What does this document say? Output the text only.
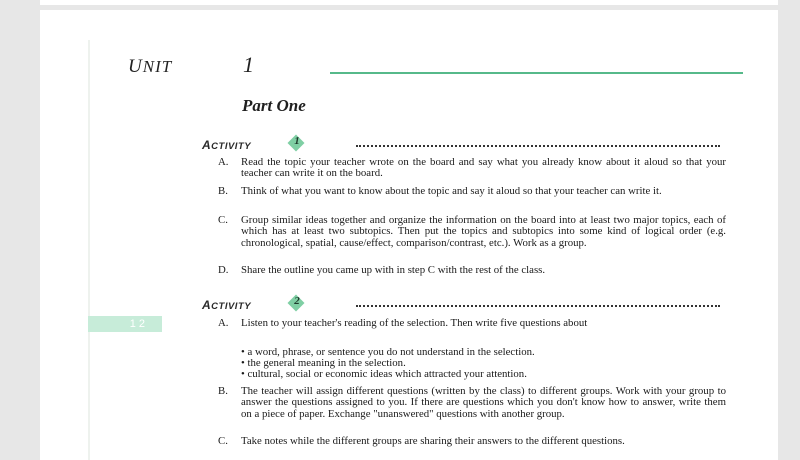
UNIT	1
Part One
ACTIVITY	1
A. Read the topic your teacher wrote on the board and say what you already know about it aloud so that your teacher can write it on the board.
B. Think of what you want to know about the topic and say it aloud so that your teacher can write it.
C. Group similar ideas together and organize the information on the board into at least two major topics, each of which has at least two subtopics. Then put the topics and subtopics into some kind of logical order (e.g. chronological, spatial, cause/effect, comparison/contrast, etc.). Work as a group.
D. Share the outline you came up with in step C with the rest of the class.
ACTIVITY	2
12	A. Listen to your teacher's reading of the selection. Then write five questions about
• a word, phrase, or sentence you do not understand in the selection.
• the general meaning in the selection.
• cultural, social or economic ideas which attracted your attention.
B. The teacher will assign different questions (written by the class) to different groups. Work with your group to answer the questions assigned to you. If there are questions which you don't know how to answer, write them on a piece of paper. Exchange "unanswered" questions with another group.
C. Take notes while the different groups are sharing their answers to the different questions.
